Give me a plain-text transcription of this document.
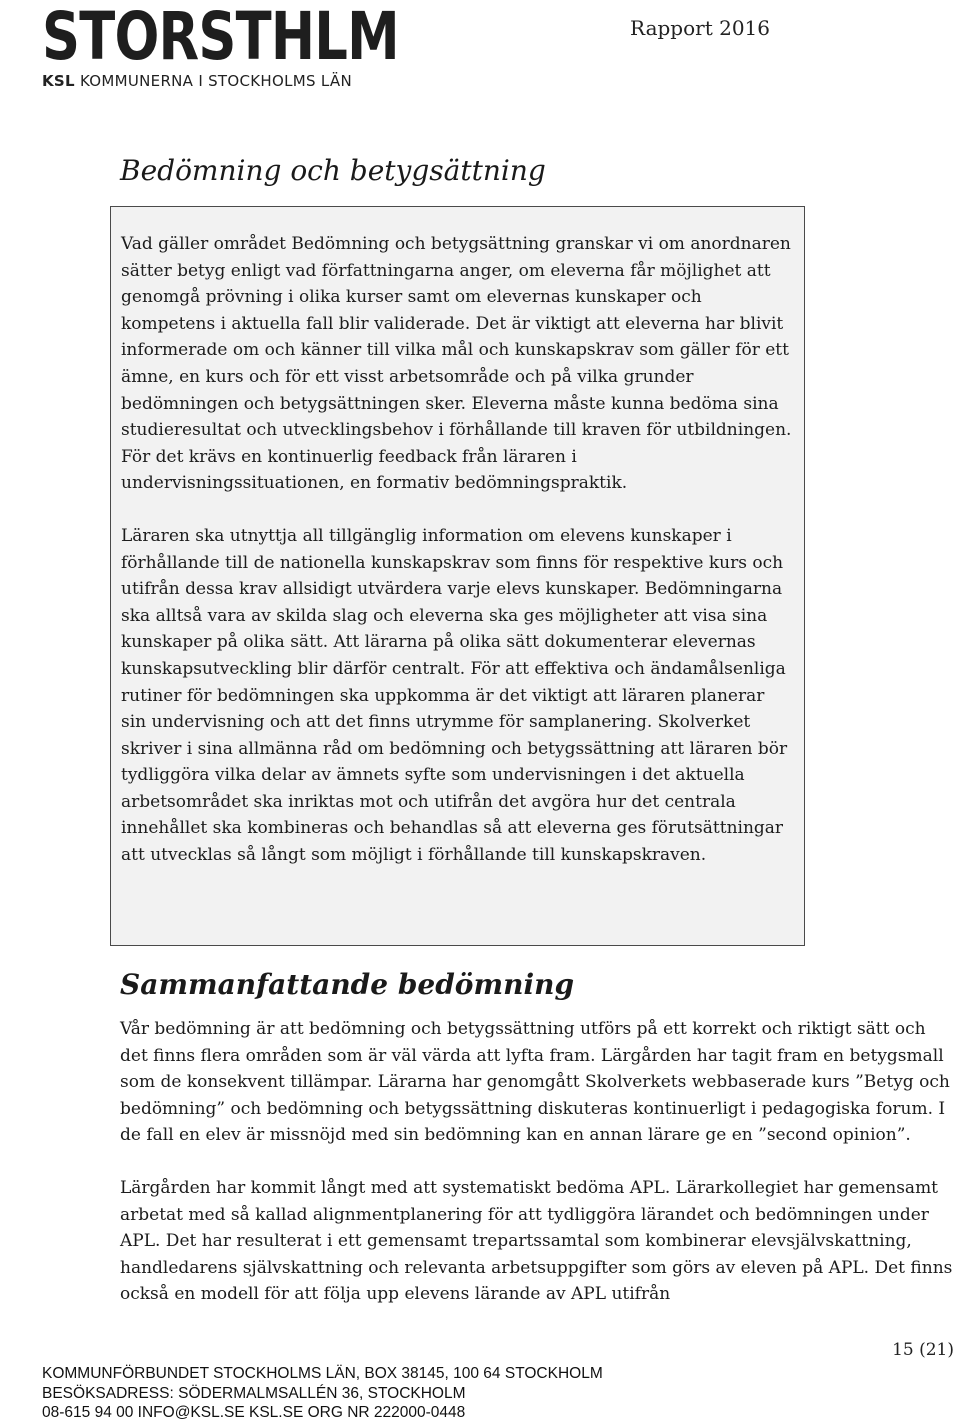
STORSTHLM
KSL KOMMUNERNA I STOCKHOLMS LÄN
Rapport 2016
Bedömning och betygsättning

Vad gäller området Bedömning och betygsättning granskar vi om anordnaren sätter betyg enligt vad författningarna anger, om eleverna får möjlighet att genomgå prövning i olika kurser samt om elevernas kunskaper och kompetens i aktuella fall blir validerade. Det är viktigt att eleverna har blivit informerade om och känner till vilka mål och kunskapskrav som gäller för ett ämne, en kurs och för ett visst arbetsområde och på vilka grunder bedömningen och betygsättningen sker. Eleverna måste kunna bedöma sina studieresultat och utvecklingsbehov i förhållande till kraven för utbildningen. För det krävs en kontinuerlig feedback från läraren i undervisningssituationen, en formativ bedömningspraktik.

Läraren ska utnyttja all tillgänglig information om elevens kunskaper i förhållande till de nationella kunskapskrav som finns för respektive kurs och utifrån dessa krav allsidigt utvärdera varje elevs kunskaper. Bedömningarna ska alltså vara av skilda slag och eleverna ska ges möjligheter att visa sina kunskaper på olika sätt. Att lärarna på olika sätt dokumenterar elevernas kunskapsutveckling blir därför centralt. För att effektiva och ändamålsenliga rutiner för bedömningen ska uppkomma är det viktigt att läraren planerar sin undervisning och att det finns utrymme för samplanering. Skolverket skriver i sina allmänna råd om bedömning och betygssättning att läraren bör tydliggöra vilka delar av ämnets syfte som undervisningen i det aktuella arbetsområdet ska inriktas mot och utifrån det avgöra hur det centrala innehållet ska kombineras och behandlas så att eleverna ges förutsättningar att utvecklas så långt som möjligt i förhållande till kunskapskraven.

Sammanfattande bedömning

Vår bedömning är att bedömning och betygssättning utförs på ett korrekt och riktigt sätt och det finns flera områden som är väl värda att lyfta fram. Lärgården har tagit fram en betygsmall som de konsekvent tillämpar. Lärarna har genomgått Skolverkets webbaserade kurs ”Betyg och bedömning” och bedömning och betygssättning diskuteras kontinuerligt i pedagogiska forum. I de fall en elev är missnöjd med sin bedömning kan en annan lärare ge en ”second opinion”.

Lärgården har kommit långt med att systematiskt bedöma APL. Lärarkollegiet har gemensamt arbetat med så kallad alignmentplanering för att tydliggöra lärandet och bedömningen under APL. Det har resulterat i ett gemensamt trepartssamtal som kombinerar elevsjälvskattning, handledarens självskattning och relevanta arbetsuppgifter som görs av eleven på APL. Det finns också en modell för att följa upp elevens lärande av APL utifrån

15 (21)
KOMMUNFÖRBUNDET STOCKHOLMS LÄN, BOX 38145, 100 64 STOCKHOLM
BESÖKSADRESS: SÖDERMALMSALLÉN 36, STOCKHOLM
08-615 94 00 INFO@KSL.SE KSL.SE ORG NR 222000-0448
